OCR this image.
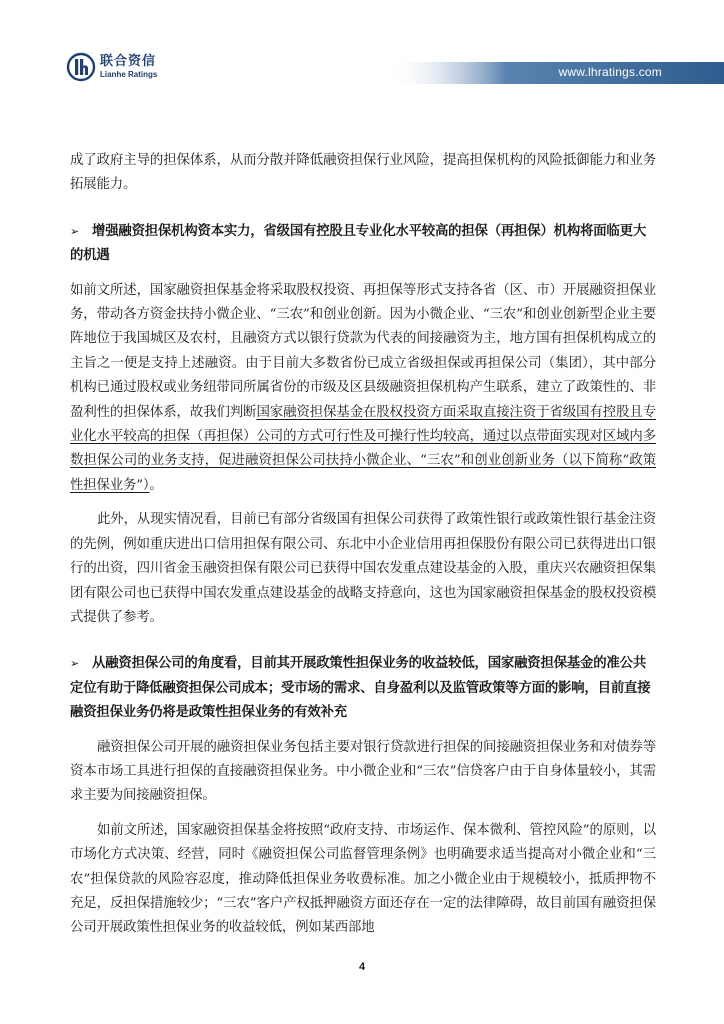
联合资信
Lianhe Ratings	www.lhratings.com

成了政府主导的担保体系，从而分散并降低融资担保行业风险，提高担保机构的风险抵御能力和业务拓展能力。

➢ 增强融资担保机构资本实力，省级国有控股且专业化水平较高的担保（再担保）机构将面临更大的机遇

如前文所述，国家融资担保基金将采取股权投资、再担保等形式支持各省（区、市）开展融资担保业务，带动各方资金扶持小微企业、“三农”和创业创新。因为小微企业、“三农”和创业创新型企业主要阵地位于我国城区及农村，且融资方式以银行贷款为代表的间接融资为主，地方国有担保机构成立的主旨之一便是支持上述融资。由于目前大多数省份已成立省级担保或再担保公司（集团），其中部分机构已通过股权或业务纽带同所属省份的市级及区县级融资担保机构产生联系，建立了政策性的、非盈利性的担保体系，故我们判断国家融资担保基金在股权投资方面采取直接注资于省级国有控股且专业化水平较高的担保（再担保）公司的方式可行性及可操行性均较高，通过以点带面实现对区域内多数担保公司的业务支持，促进融资担保公司扶持小微企业、“三农”和创业创新业务（以下简称“政策性担保业务”）。

此外，从现实情况看，目前已有部分省级国有担保公司获得了政策性银行或政策性银行基金注资的先例，例如重庆进出口信用担保有限公司、东北中小企业信用再担保股份有限公司已获得进出口银行的出资，四川省金玉融资担保有限公司已获得中国农发重点建设基金的入股，重庆兴农融资担保集团有限公司也已获得中国农发重点建设基金的战略支持意向，这也为国家融资担保基金的股权投资模式提供了参考。

➢ 从融资担保公司的角度看，目前其开展政策性担保业务的收益较低，国家融资担保基金的准公共定位有助于降低融资担保公司成本；受市场的需求、自身盈利以及监管政策等方面的影响，目前直接融资担保业务仍将是政策性担保业务的有效补充

融资担保公司开展的融资担保业务包括主要对银行贷款进行担保的间接融资担保业务和对债券等资本市场工具进行担保的直接融资担保业务。中小微企业和“三农”信贷客户由于自身体量较小，其需求主要为间接融资担保。

如前文所述，国家融资担保基金将按照“政府支持、市场运作、保本微利、管控风险”的原则，以市场化方式决策、经营，同时《融资担保公司监督管理条例》也明确要求适当提高对小微企业和“三农”担保贷款的风险容忍度，推动降低担保业务收费标准。加之小微企业由于规模较小，抵质押物不充足，反担保措施较少；“三农”客户产权抵押融资方面还存在一定的法律障碍，故目前国有融资担保公司开展政策性担保业务的收益较低，例如某西部地

4
